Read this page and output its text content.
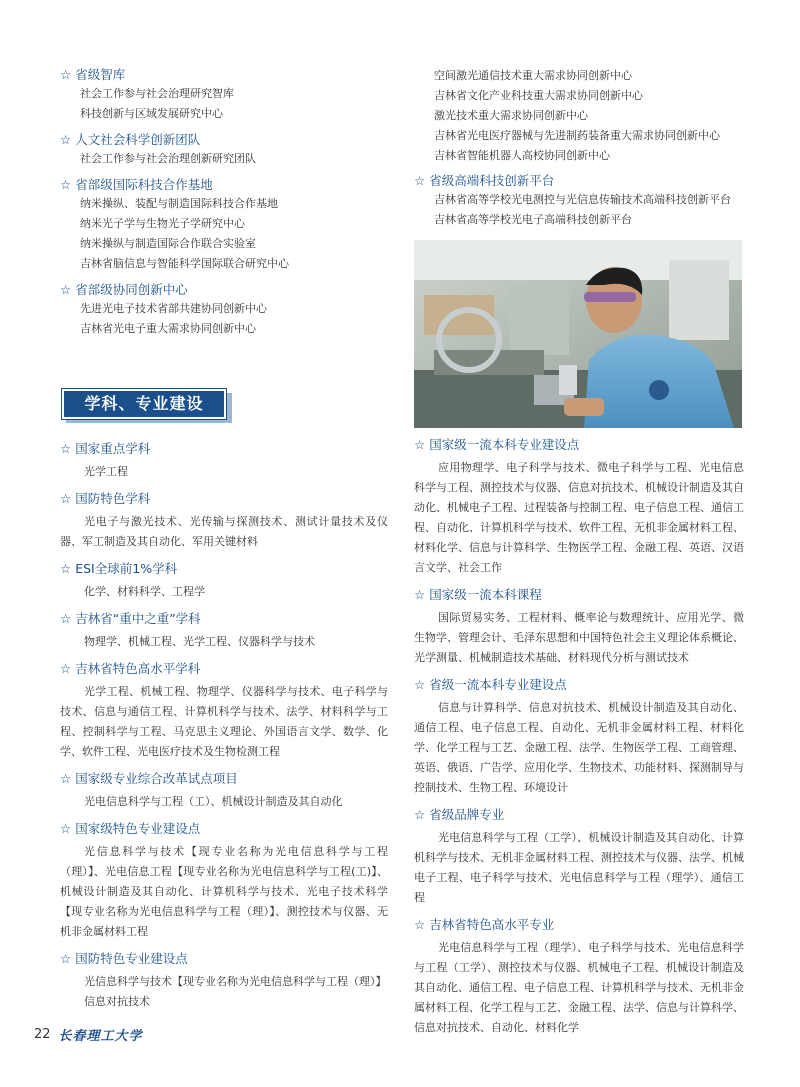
☆ 省级智库

社会工作参与社会治理研究智库
科技创新与区域发展研究中心

☆ 人文社会科学创新团队

社会工作参与社会治理创新研究团队

☆ 省部级国际科技合作基地

纳米操纵、装配与制造国际科技合作基地
纳米光子学与生物光子学研究中心
纳米操纵与制造国际合作联合实验室
吉林省脑信息与智能科学国际联合研究中心

☆ 省部级协同创新中心

先进光电子技术省部共建协同创新中心
吉林省光电子重大需求协同创新中心
学科、专业建设

☆ 国家重点学科

光学工程

☆ 国防特色学科

光电子与激光技术、光传输与探测技术、测试计量技术及仪器、军工制造及其自动化、军用关键材料

☆ ESI全球前1%学科

化学、材料科学、工程学

☆ 吉林省“重中之重”学科

物理学、机械工程、光学工程、仪器科学与技术

☆ 吉林省特色高水平学科

光学工程、机械工程、物理学、仪器科学与技术、电子科学与技术、信息与通信工程、计算机科学与技术、法学、材料科学与工程、控制科学与工程、马克思主义理论、外国语言文学、数学、化学、软件工程、光电医疗技术及生物检测工程

☆ 国家级专业综合改革试点项目

光电信息科学与工程（工）、机械设计制造及其自动化

☆ 国家级特色专业建设点

光信息科学与技术【现专业名称为光电信息科学与工程（理）】、光电信息工程【现专业名称为光电信息科学与工程(工)】、机械设计制造及其自动化、计算机科学与技术、光电子技术科学【现专业名称为光电信息科学与工程（理）】、测控技术与仪器、无机非金属材料工程

☆ 国防特色专业建设点

光信息科学与技术【现专业名称为光电信息科学与工程（理）】

信息对抗技术

空间激光通信技术重大需求协同创新中心
吉林省文化产业科技重大需求协同创新中心
激光技术重大需求协同创新中心
吉林省光电医疗器械与先进制药装备重大需求协同创新中心
吉林省智能机器人高校协同创新中心

☆ 省级高端科技创新平台

吉林省高等学校光电测控与光信息传输技术高端科技创新平台
吉林省高等学校光电子高端科技创新平台

☆ 国家级一流本科专业建设点

应用物理学、电子科学与技术、微电子科学与工程、光电信息科学与工程、测控技术与仪器、信息对抗技术、机械设计制造及其自动化、机械电子工程、过程装备与控制工程、电子信息工程、通信工程、自动化、计算机科学与技术、软件工程、无机非金属材料工程、材料化学、信息与计算科学、生物医学工程、金融工程、英语、汉语言文学、社会工作

☆ 国家级一流本科课程

国际贸易实务、工程材料、概率论与数理统计、应用光学、微生物学、管理会计、毛泽东思想和中国特色社会主义理论体系概论、光学测量、机械制造技术基础、材料现代分析与测试技术

☆ 省级一流本科专业建设点

信息与计算科学、信息对抗技术、机械设计制造及其自动化、通信工程、电子信息工程、自动化、无机非金属材料工程、材料化学、化学工程与工艺、金融工程、法学、生物医学工程、工商管理、英语、俄语、广告学、应用化学、生物技术、功能材料、探测制导与控制技术、生物工程、环境设计

☆ 省级品牌专业

光电信息科学与工程（工学）、机械设计制造及其自动化、计算机科学与技术、无机非金属材料工程、测控技术与仪器、法学、机械电子工程、电子科学与技术、光电信息科学与工程（理学）、通信工程

☆ 吉林省特色高水平专业

光电信息科学与工程（理学）、电子科学与技术、光电信息科学与工程（工学）、测控技术与仪器、机械电子工程、机械设计制造及其自动化、通信工程、电子信息工程、计算机科学与技术、无机非金属材料工程、化学工程与工艺、金融工程、法学、信息与计算科学、信息对抗技术、自动化、材料化学

22 长春理工大学
